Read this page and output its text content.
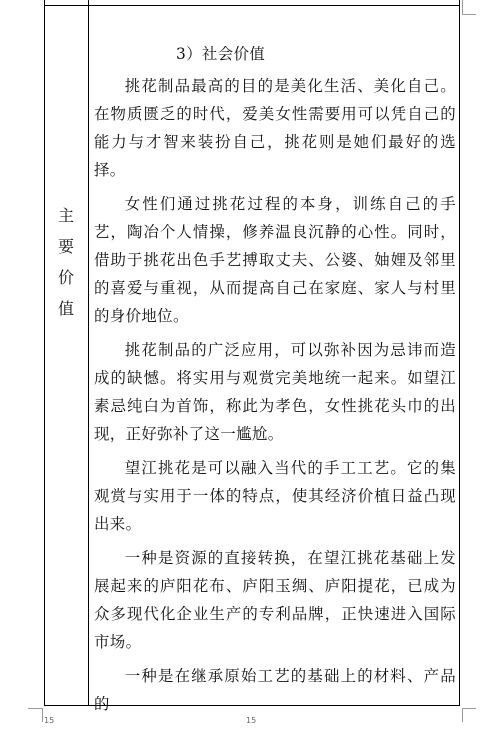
主
要
价
值

3）社会价值

挑花制品最高的目的是美化生活、美化自己。在物质匮乏的时代，爱美女性需要用可以凭自己的能力与才智来装扮自己，挑花则是她们最好的选择。

女性们通过挑花过程的本身，训练自己的手艺，陶冶个人情操，修养温良沉静的心性。同时，借助于挑花出色手艺搏取丈夫、公婆、妯娌及邻里的喜爱与重视，从而提高自己在家庭、家人与村里的身价地位。

挑花制品的广泛应用，可以弥补因为忌讳而造成的缺憾。将实用与观赏完美地统一起来。如望江素忌纯白为首饰，称此为孝色，女性挑花头巾的出现，正好弥补了这一尴尬。

望江挑花是可以融入当代的手工工艺。它的集观赏与实用于一体的特点，使其经济价植日益凸现出来。

一种是资源的直接转换，在望江挑花基础上发展起来的庐阳花布、庐阳玉绸、庐阳提花，已成为众多现代化企业生产的专利品牌，正快速进入国际市场。

一种是在继承原始工艺的基础上的材料、产品的

15	15
